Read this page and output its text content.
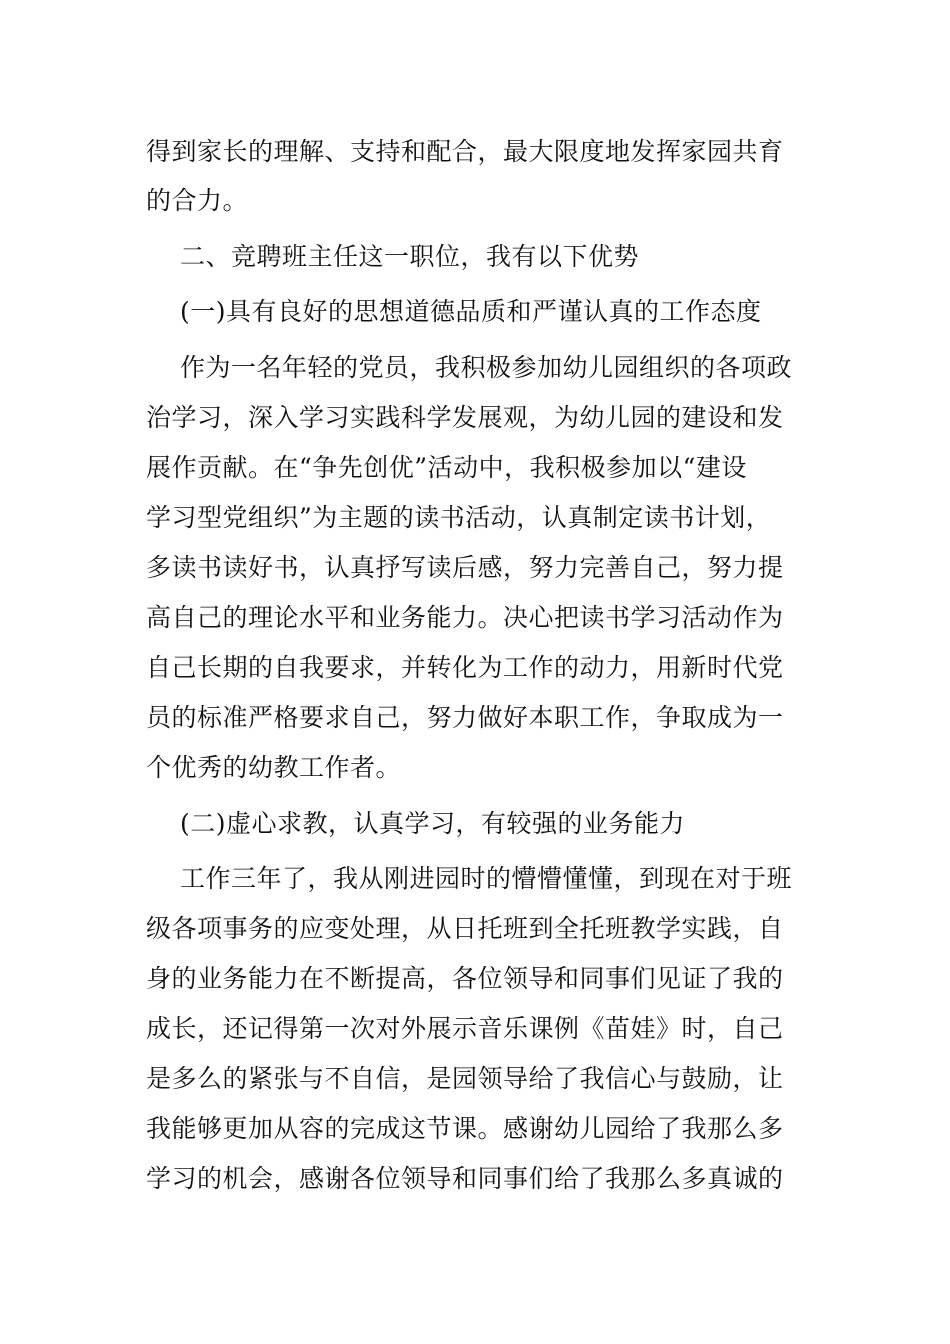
得到家长的理解、支持和配合，最大限度地发挥家园共育
的合力。
二、竞聘班主任这一职位，我有以下优势
(一)具有良好的思想道德品质和严谨认真的工作态度
作为一名年轻的党员，我积极参加幼儿园组织的各项政
治学习，深入学习实践科学发展观，为幼儿园的建设和发
展作贡献。在“争先创优”活动中，我积极参加以“建设
学习型党组织”为主题的读书活动，认真制定读书计划，
多读书读好书，认真抒写读后感，努力完善自己，努力提
高自己的理论水平和业务能力。决心把读书学习活动作为
自己长期的自我要求，并转化为工作的动力，用新时代党
员的标准严格要求自己，努力做好本职工作，争取成为一
个优秀的幼教工作者。
(二)虚心求教，认真学习，有较强的业务能力
工作三年了，我从刚进园时的懵懵懂懂，到现在对于班
级各项事务的应变处理，从日托班到全托班教学实践，自
身的业务能力在不断提高，各位领导和同事们见证了我的
成长，还记得第一次对外展示音乐课例《苗娃》时，自己
是多么的紧张与不自信，是园领导给了我信心与鼓励，让
我能够更加从容的完成这节课。感谢幼儿园给了我那么多
学习的机会，感谢各位领导和同事们给了我那么多真诚的
